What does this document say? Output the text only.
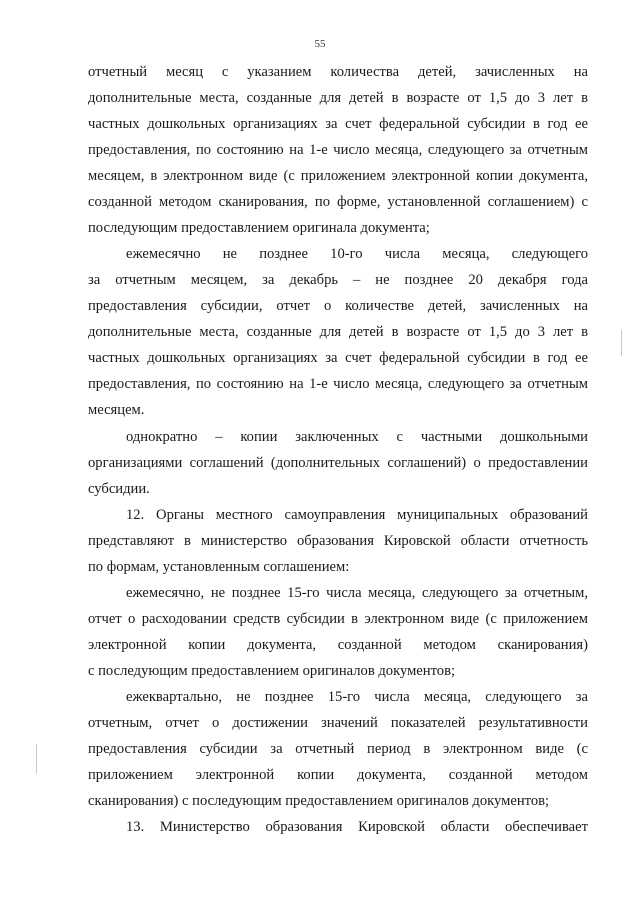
55
отчетный месяц с указанием количества детей, зачисленных на
дополнительные места, созданные для детей в возрасте от 1,5 до 3 лет в
частных дошкольных организациях за счет федеральной субсидии в год ее
предоставления, по состоянию на 1-е число месяца, следующего за отчетным
месяцем, в электронном виде (с приложением электронной копии документа,
созданной методом сканирования, по форме, установленной соглашением) с
последующим предоставлением оригинала документа;
ежемесячно не позднее 10-го числа месяца, следующего
за отчетным месяцем, за декабрь – не позднее 20 декабря года
предоставления субсидии, отчет о количестве детей, зачисленных на
дополнительные места, созданные для детей в возрасте от 1,5 до 3 лет в
частных дошкольных организациях за счет федеральной субсидии в год ее
предоставления, по состоянию на 1-е число месяца, следующего за отчетным
месяцем.
однократно – копии заключенных с частными дошкольными
организациями соглашений (дополнительных соглашений) о предоставлении
субсидии.
12. Органы местного самоуправления муниципальных образований
представляют в министерство образования Кировской области отчетность
по формам, установленным соглашением:
ежемесячно, не позднее 15-го числа месяца, следующего за отчетным,
отчет о расходовании средств субсидии в электронном виде (с приложением
электронной копии документа, созданной методом сканирования)
с последующим предоставлением оригиналов документов;
ежеквартально, не позднее 15-го числа месяца, следующего за
отчетным, отчет о достижении значений показателей результативности
предоставления субсидии за отчетный период в электронном виде (с
приложением электронной копии документа, созданной методом
сканирования) с последующим предоставлением оригиналов документов;
13. Министерство образования Кировской области обеспечивает
